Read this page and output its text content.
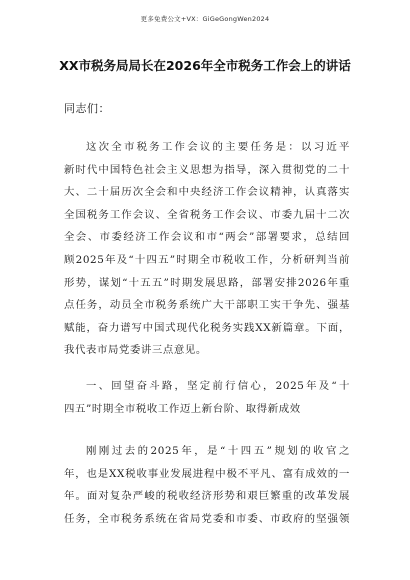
更多免费公文+VX：GiGeGongWen2024
XX市税务局局长在2026年全市税务工作会上的讲话
同志们：
这次全市税务工作会议的主要任务是：以习近平
新时代中国特色社会主义思想为指导，深入贯彻党的二十
大、二十届历次全会和中央经济工作会议精神，认真落实
全国税务工作会议、全省税务工作会议、市委九届十二次
全会、市委经济工作会议和市“两会”部署要求，总结回
顾2025年及“十四五”时期全市税收工作，分析研判当前
形势，谋划“十五五”时期发展思路，部署安排2026年重
点任务，动员全市税务系统广大干部职工实干争先、强基
赋能，奋力谱写中国式现代化税务实践XX新篇章。下面，
我代表市局党委讲三点意见。
一、回望奋斗路，坚定前行信心，2025年及“十
四五”时期全市税收工作迈上新台阶、取得新成效
刚刚过去的2025年，是“十四五”规划的收官之
年，也是XX税收事业发展进程中极不平凡、富有成效的一
年。面对复杂严峻的税收经济形势和艰巨繁重的改革发展
任务，全市税务系统在省局党委和市委、市政府的坚强领
